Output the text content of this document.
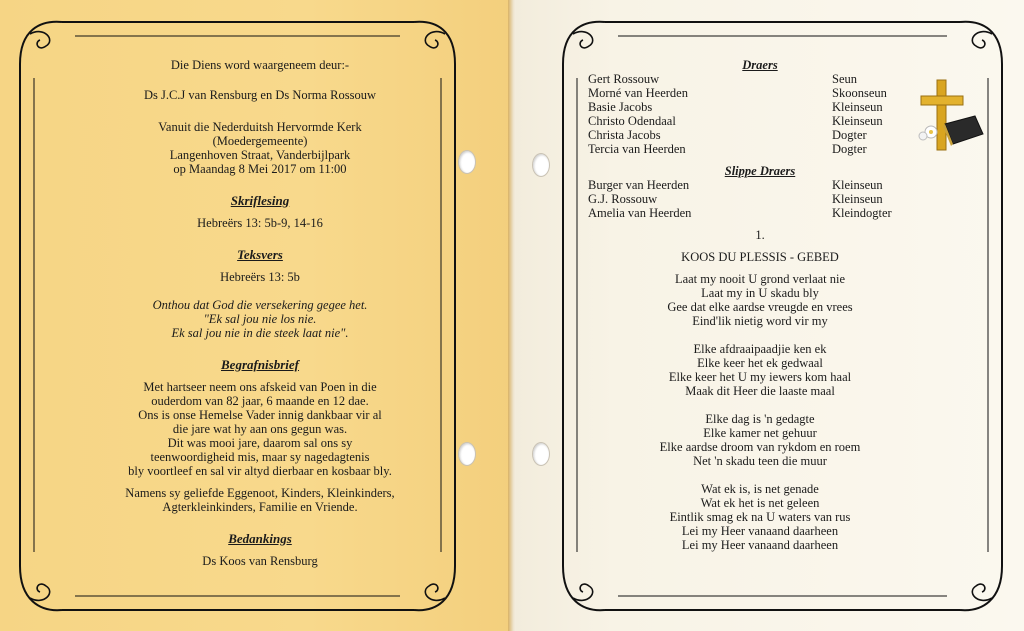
Die Diens word waargeneem deur:-

Ds J.C.J van Rensburg en Ds Norma Rossouw

Vanuit die Nederduitsh Hervormde Kerk

(Moedergemeente)

Langenhoven Straat, Vanderbijlpark

op Maandag 8 Mei 2017 om 11:00

Skriflesing

Hebreërs 13: 5b-9, 14-16

Teksvers

Hebreërs 13: 5b

Onthou dat God die versekering gegee het.

"Ek sal jou nie los nie.

Ek sal jou nie in die steek laat nie".

Begrafnisbrief

Met hartseer neem ons afskeid van Poen in die

ouderdom van 82 jaar, 6 maande en 12 dae.

Ons is onse Hemelse Vader innig dankbaar vir al

die jare wat hy aan ons gegun was.

Dit was mooi jare, daarom sal ons sy

teenwoordigheid mis, maar sy nagedagtenis

bly voortleef en sal vir altyd dierbaar en kosbaar bly.

Namens sy geliefde Eggenoot, Kinders, Kleinkinders,

Agterkleinkinders, Familie en Vriende.

Bedankings

Ds Koos van Rensburg

Draers

Gert Rossouw	Seun
Morné van Heerden	Skoonseun
Basie Jacobs	Kleinseun
Christo Odendaal	Kleinseun
Christa Jacobs	Dogter
Tercia van Heerden	Dogter

Slippe Draers

Burger van Heerden	Kleinseun
G.J. Rossouw	Kleinseun
Amelia van Heerden	Kleindogter

1.

KOOS DU PLESSIS - GEBED

Laat my nooit U grond verlaat nie

Laat my in U skadu bly

Gee dat elke aardse vreugde en vrees

Eind'lik nietig word vir my

Elke afdraaipaadjie ken ek

Elke keer het ek gedwaal

Elke keer het U my iewers kom haal

Maak dit Heer die laaste maal

Elke dag is 'n gedagte

Elke kamer net gehuur

Elke aardse droom van rykdom en roem

Net 'n skadu teen die muur

Wat ek is, is net genade

Wat ek het is net geleen

Eintlik smag ek na U waters van rus

Lei my Heer vanaand daarheen

Lei my Heer vanaand daarheen
